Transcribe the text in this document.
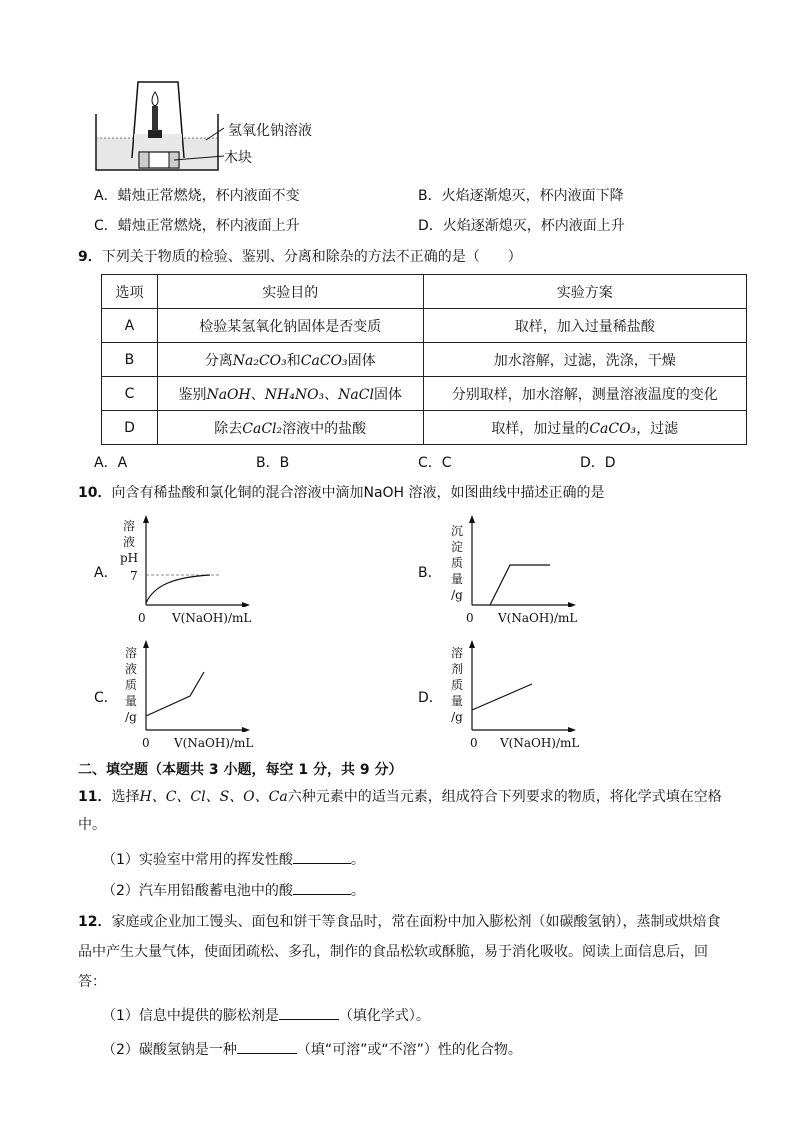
氢氧化钠溶液
木块
A．蜡烛正常燃烧，杯内液面不变	B．火焰逐渐熄灭，杯内液面下降
C．蜡烛正常燃烧，杯内液面上升	D．火焰逐渐熄灭，杯内液面上升
9．下列关于物质的检验、鉴别、分离和除杂的方法不正确的是（　　）
选项	实验目的	实验方案
A	检验某氢氧化钠固体是否变质	取样，加入过量稀盐酸
B	分离Na₂CO₃和CaCO₃固体	加水溶解，过滤，洗涤，干燥
C	鉴别NaOH、NH₄NO₃、NaCl固体	分别取样，加水溶解，测量溶液温度的变化
D	除去CaCl₂溶液中的盐酸	取样，加过量的CaCO₃，过滤
A．A	B．B	C．C	D．D
10．向含有稀盐酸和氯化铜的混合溶液中滴加NaOH 溶液，如图曲线中描述正确的是
A．
溶
液
pH
7
0 V(NaOH)/mL
B．
沉
淀
质
量
/g
0 V(NaOH)/mL
C．
溶
液
质
量
/g
0 V(NaOH)/mL
D．
溶
剂
质
量
/g
0 V(NaOH)/mL
二、填空题（本题共 3 小题，每空 1 分，共 9 分）
11．选择H、C、Cl、S、O、Ca六种元素中的适当元素，组成符合下列要求的物质，将化学式填在空格
中。
（1）实验室中常用的挥发性酸	。
（2）汽车用铅酸蓄电池中的酸	。
12．家庭或企业加工馒头、面包和饼干等食品时，常在面粉中加入膨松剂（如碳酸氢钠），蒸制或烘焙食
品中产生大量气体，使面团疏松、多孔，制作的食品松软或酥脆，易于消化吸收。阅读上面信息后，回
答：
（1）信息中提供的膨松剂是	（填化学式）。
（2）碳酸氢钠是一种	（填“可溶”或“不溶”）性的化合物。
